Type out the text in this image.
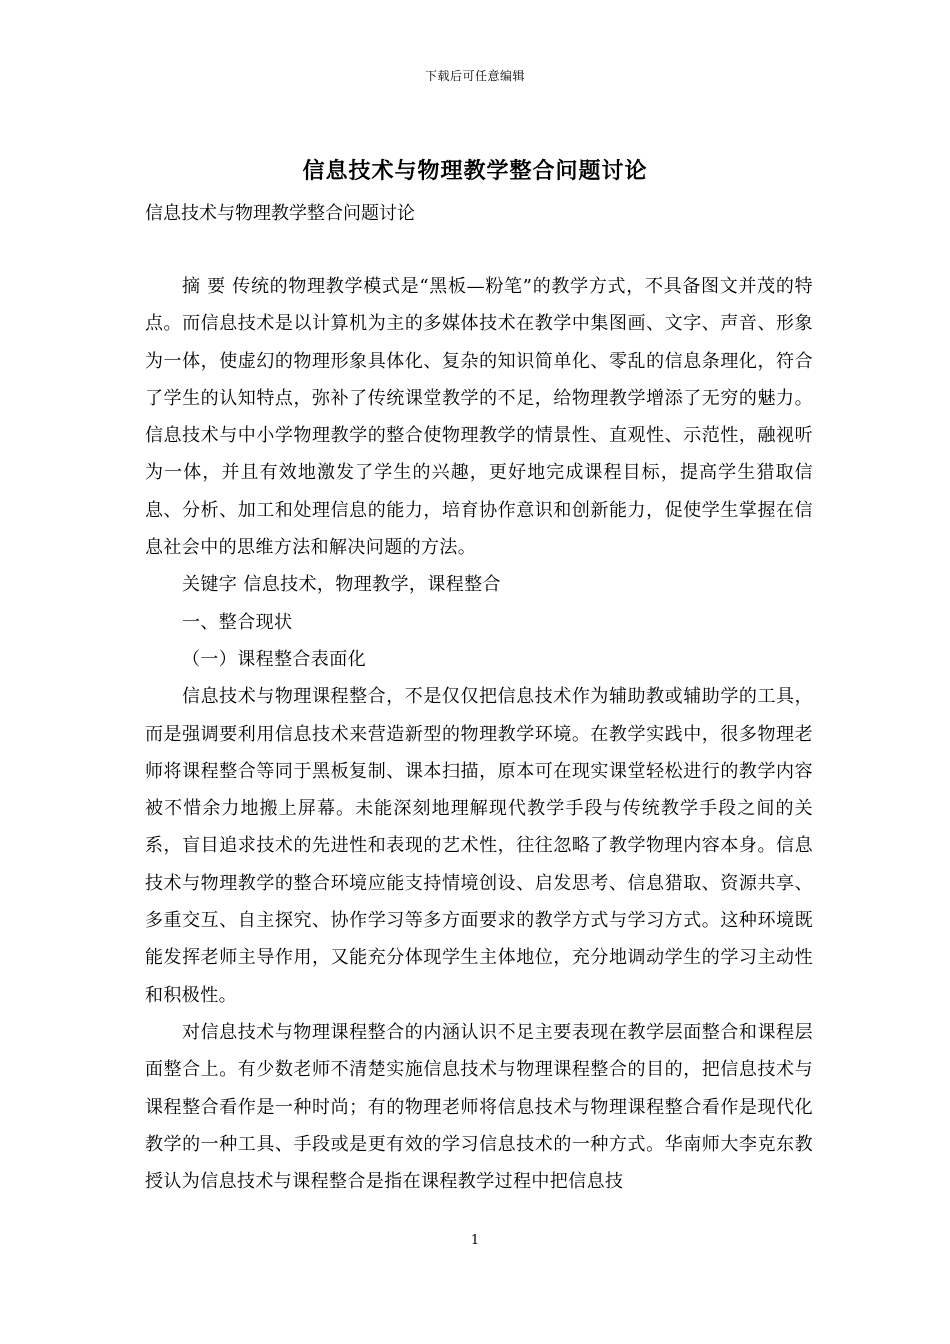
下载后可任意编辑
信息技术与物理教学整合问题讨论
信息技术与物理教学整合问题讨论

摘 要 传统的物理教学模式是“黑板—粉笔”的教学方式，不具备图文并茂的特点。而信息技术是以计算机为主的多媒体技术在教学中集图画、文字、声音、形象为一体，使虚幻的物理形象具体化、复杂的知识简单化、零乱的信息条理化，符合了学生的认知特点，弥补了传统课堂教学的不足，给物理教学增添了无穷的魅力。信息技术与中小学物理教学的整合使物理教学的情景性、直观性、示范性，融视听为一体，并且有效地激发了学生的兴趣，更好地完成课程目标，提高学生猎取信息、分析、加工和处理信息的能力，培育协作意识和创新能力，促使学生掌握在信息社会中的思维方法和解决问题的方法。

关键字 信息技术，物理教学，课程整合

一、整合现状

（一）课程整合表面化

信息技术与物理课程整合，不是仅仅把信息技术作为辅助教或辅助学的工具，而是强调要利用信息技术来营造新型的物理教学环境。在教学实践中，很多物理老师将课程整合等同于黑板复制、课本扫描，原本可在现实课堂轻松进行的教学内容被不惜余力地搬上屏幕。未能深刻地理解现代教学手段与传统教学手段之间的关系，盲目追求技术的先进性和表现的艺术性，往往忽略了教学物理内容本身。信息技术与物理教学的整合环境应能支持情境创设、启发思考、信息猎取、资源共享、多重交互、自主探究、协作学习等多方面要求的教学方式与学习方式。这种环境既能发挥老师主导作用，又能充分体现学生主体地位，充分地调动学生的学习主动性和积极性。

对信息技术与物理课程整合的内涵认识不足主要表现在教学层面整合和课程层面整合上。有少数老师不清楚实施信息技术与物理课程整合的目的，把信息技术与课程整合看作是一种时尚；有的物理老师将信息技术与物理课程整合看作是现代化教学的一种工具、手段或是更有效的学习信息技术的一种方式。华南师大李克东教授认为信息技术与课程整合是指在课程教学过程中把信息技

1
